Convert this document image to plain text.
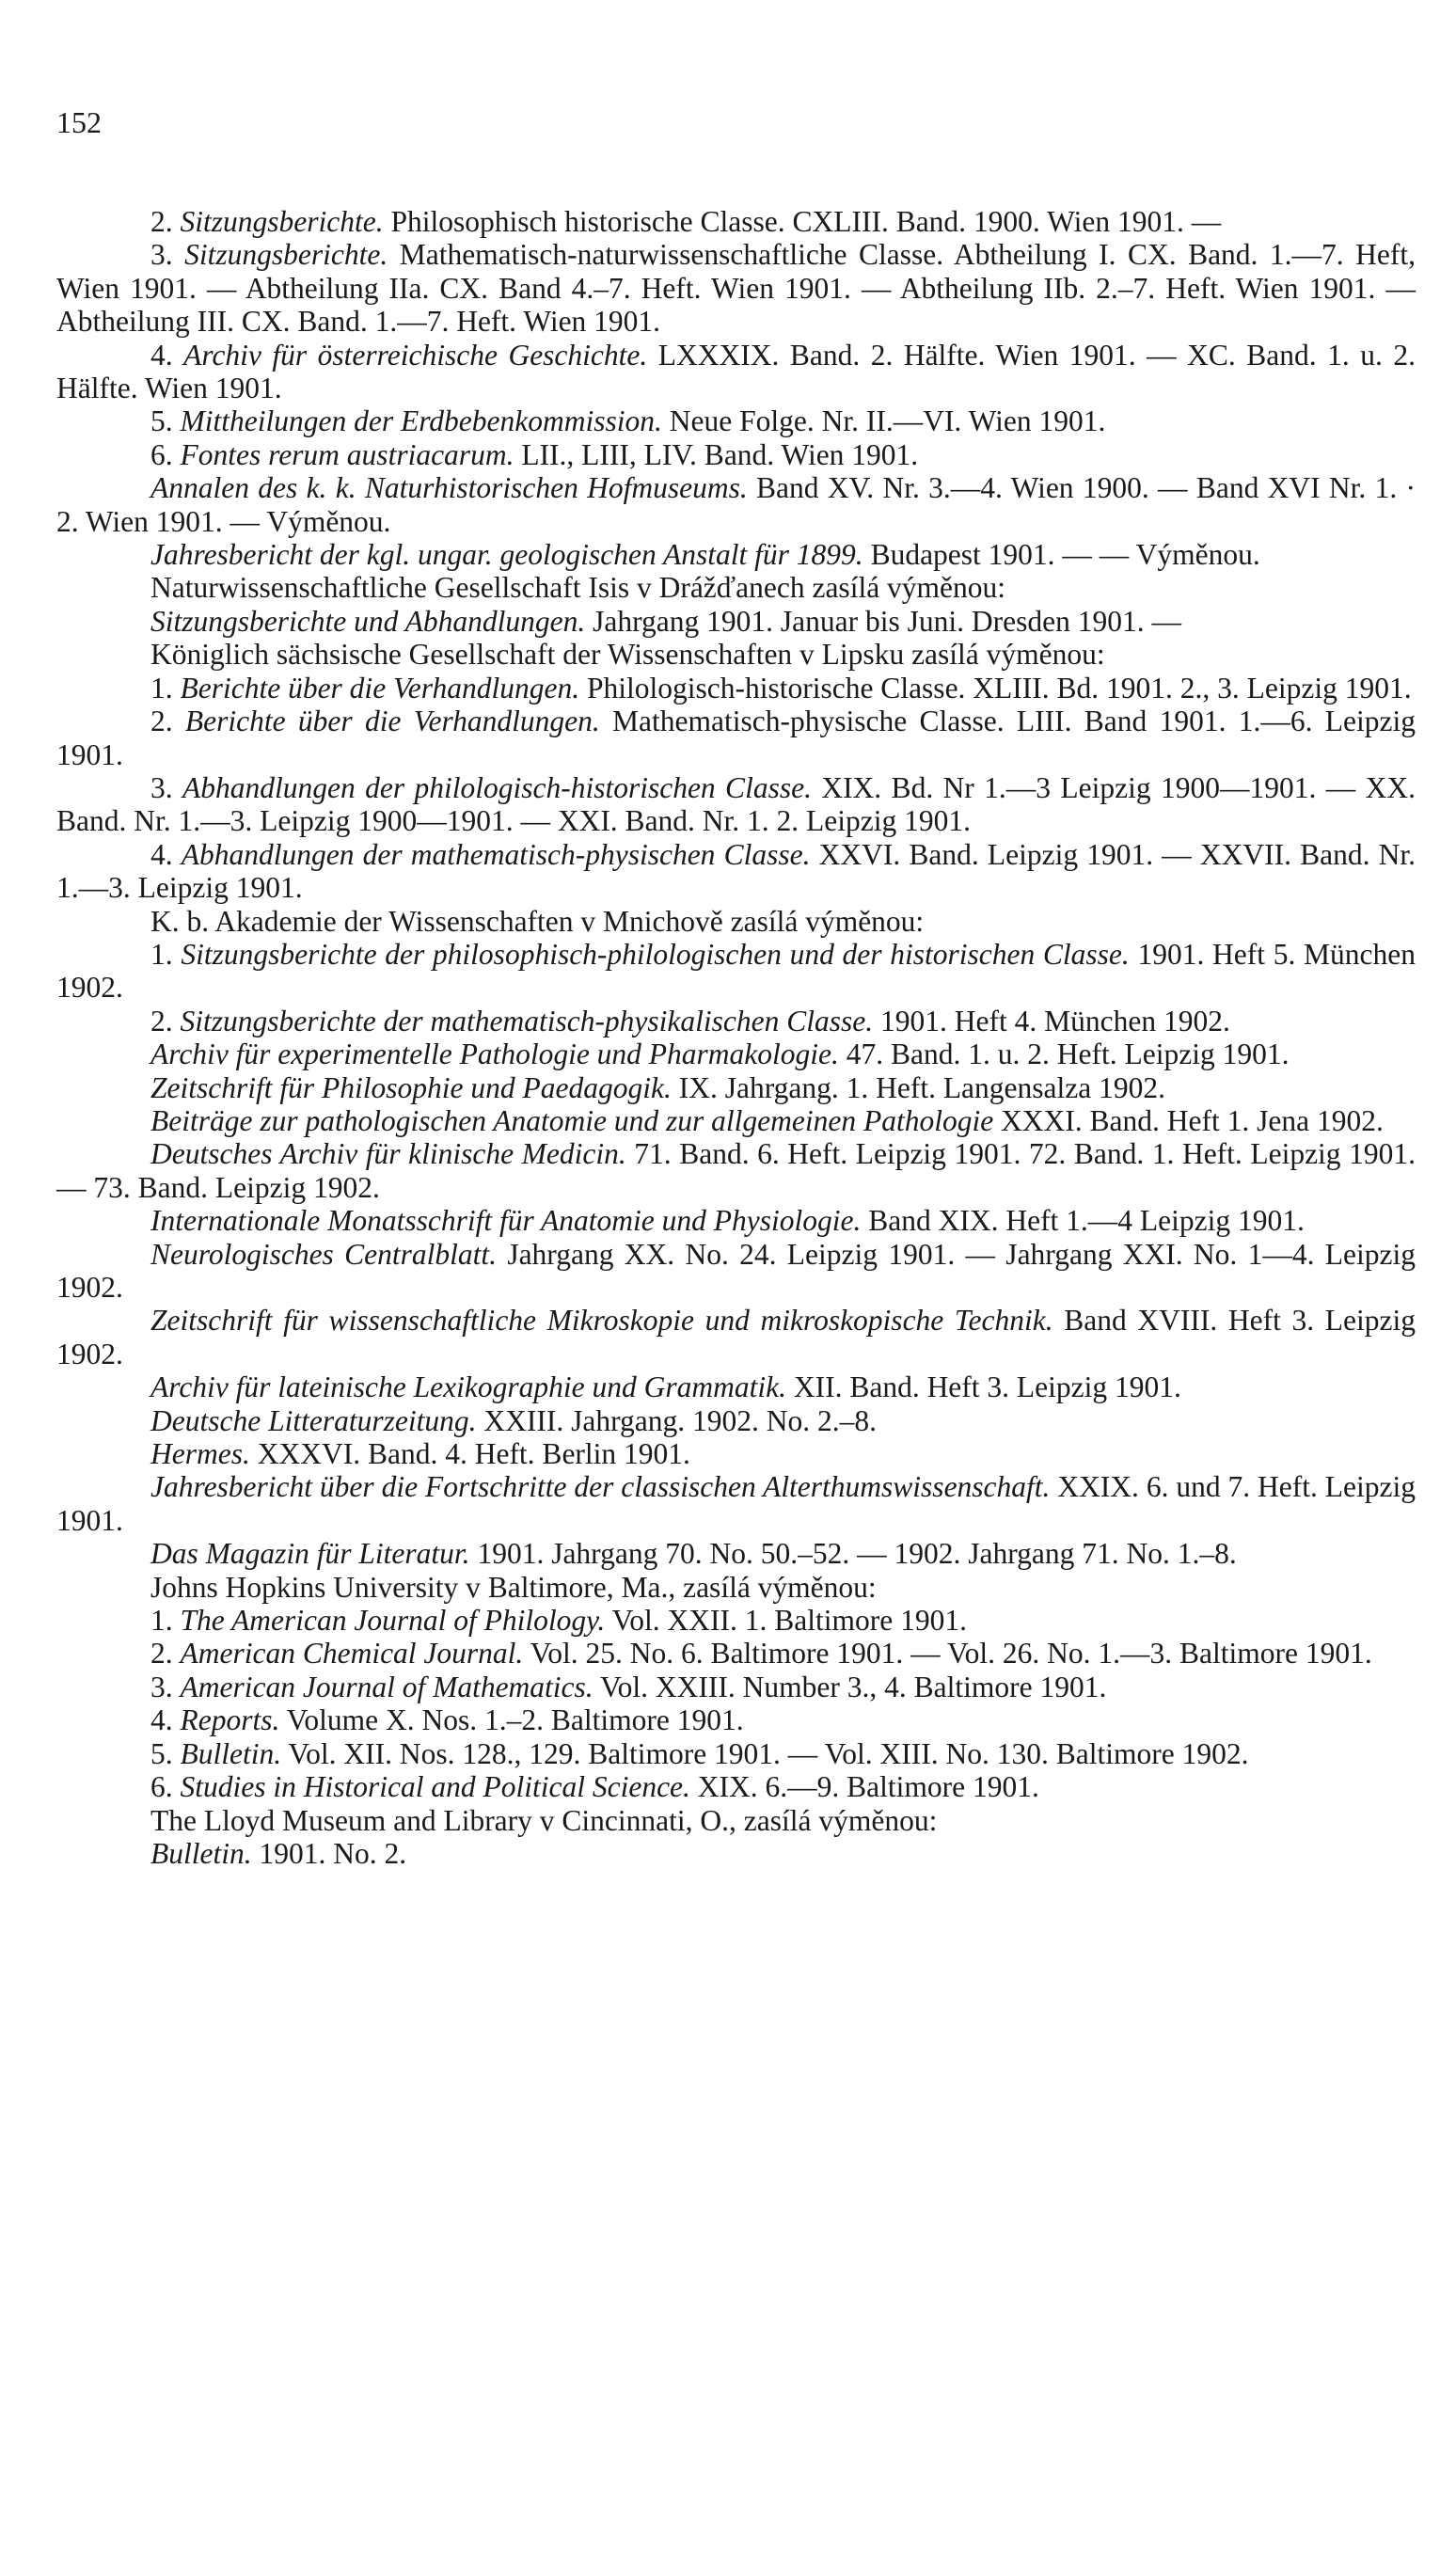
152

2. Sitzungsberichte. Philosophisch historische Classe. CXLIII. Band. 1900. Wien 1901. —

3. Sitzungsberichte. Mathematisch-naturwissenschaftliche Classe. Abtheilung I. CX. Band. 1.—7. Heft, Wien 1901. — Abtheilung IIa. CX. Band 4.–7. Heft. Wien 1901. — Abtheilung IIb. 2.–7. Heft. Wien 1901. — Abtheilung III. CX. Band. 1.—7. Heft. Wien 1901.

4. Archiv für österreichische Geschichte. LXXXIX. Band. 2. Hälfte. Wien 1901. — XC. Band. 1. u. 2. Hälfte. Wien 1901.

5. Mittheilungen der Erdbebenkommission. Neue Folge. Nr. II.—VI. Wien 1901.

6. Fontes rerum austriacarum. LII., LIII, LIV. Band. Wien 1901.

Annalen des k. k. Naturhistorischen Hofmuseums. Band XV. Nr. 3.—4. Wien 1900. — Band XVI Nr. 1. · 2. Wien 1901. — Výměnou.

Jahresbericht der kgl. ungar. geologischen Anstalt für 1899. Budapest 1901. — — Výměnou.

Naturwissenschaftliche Gesellschaft Isis v Drážďanech zasílá výměnou:

Sitzungsberichte und Abhandlungen. Jahrgang 1901. Januar bis Juni. Dresden 1901. —

Königlich sächsische Gesellschaft der Wissenschaften v Lipsku zasílá výměnou:

1. Berichte über die Verhandlungen. Philologisch-historische Classe. XLIII. Bd. 1901. 2., 3. Leipzig 1901.

2. Berichte über die Verhandlungen. Mathematisch-physische Classe. LIII. Band 1901. 1.—6. Leipzig 1901.

3. Abhandlungen der philologisch-historischen Classe. XIX. Bd. Nr 1.—3 Leipzig 1900—1901. — XX. Band. Nr. 1.—3. Leipzig 1900—1901. — XXI. Band. Nr. 1. 2. Leipzig 1901.

4. Abhandlungen der mathematisch-physischen Classe. XXVI. Band. Leipzig 1901. — XXVII. Band. Nr. 1.—3. Leipzig 1901.

K. b. Akademie der Wissenschaften v Mnichově zasílá výměnou:

1. Sitzungsberichte der philosophisch-philologischen und der historischen Classe. 1901. Heft 5. München 1902.

2. Sitzungsberichte der mathematisch-physikalischen Classe. 1901. Heft 4. München 1902.

Archiv für experimentelle Pathologie und Pharmakologie. 47. Band. 1. u. 2. Heft. Leipzig 1901.

Zeitschrift für Philosophie und Paedagogik. IX. Jahrgang. 1. Heft. Langensalza 1902.

Beiträge zur pathologischen Anatomie und zur allgemeinen Pathologie XXXI. Band. Heft 1. Jena 1902.

Deutsches Archiv für klinische Medicin. 71. Band. 6. Heft. Leipzig 1901. 72. Band. 1. Heft. Leipzig 1901. — 73. Band. Leipzig 1902.

Internationale Monatsschrift für Anatomie und Physiologie. Band XIX. Heft 1.—4 Leipzig 1901.

Neurologisches Centralblatt. Jahrgang XX. No. 24. Leipzig 1901. — Jahrgang XXI. No. 1—4. Leipzig 1902.

Zeitschrift für wissenschaftliche Mikroskopie und mikroskopische Technik. Band XVIII. Heft 3. Leipzig 1902.

Archiv für lateinische Lexikographie und Grammatik. XII. Band. Heft 3. Leipzig 1901.

Deutsche Litteraturzeitung. XXIII. Jahrgang. 1902. No. 2.–8.

Hermes. XXXVI. Band. 4. Heft. Berlin 1901.

Jahresbericht über die Fortschritte der classischen Alterthumswissenschaft. XXIX. 6. und 7. Heft. Leipzig 1901.

Das Magazin für Literatur. 1901. Jahrgang 70. No. 50.–52. — 1902. Jahrgang 71. No. 1.–8.

Johns Hopkins University v Baltimore, Ma., zasílá výměnou:

1. The American Journal of Philology. Vol. XXII. 1. Baltimore 1901.

2. American Chemical Journal. Vol. 25. No. 6. Baltimore 1901. — Vol. 26. No. 1.—3. Baltimore 1901.

3. American Journal of Mathematics. Vol. XXIII. Number 3., 4. Baltimore 1901.

4. Reports. Volume X. Nos. 1.–2. Baltimore 1901.

5. Bulletin. Vol. XII. Nos. 128., 129. Baltimore 1901. — Vol. XIII. No. 130. Baltimore 1902.

6. Studies in Historical and Political Science. XIX. 6.—9. Baltimore 1901.

The Lloyd Museum and Library v Cincinnati, O., zasílá výměnou:

Bulletin. 1901. No. 2.
